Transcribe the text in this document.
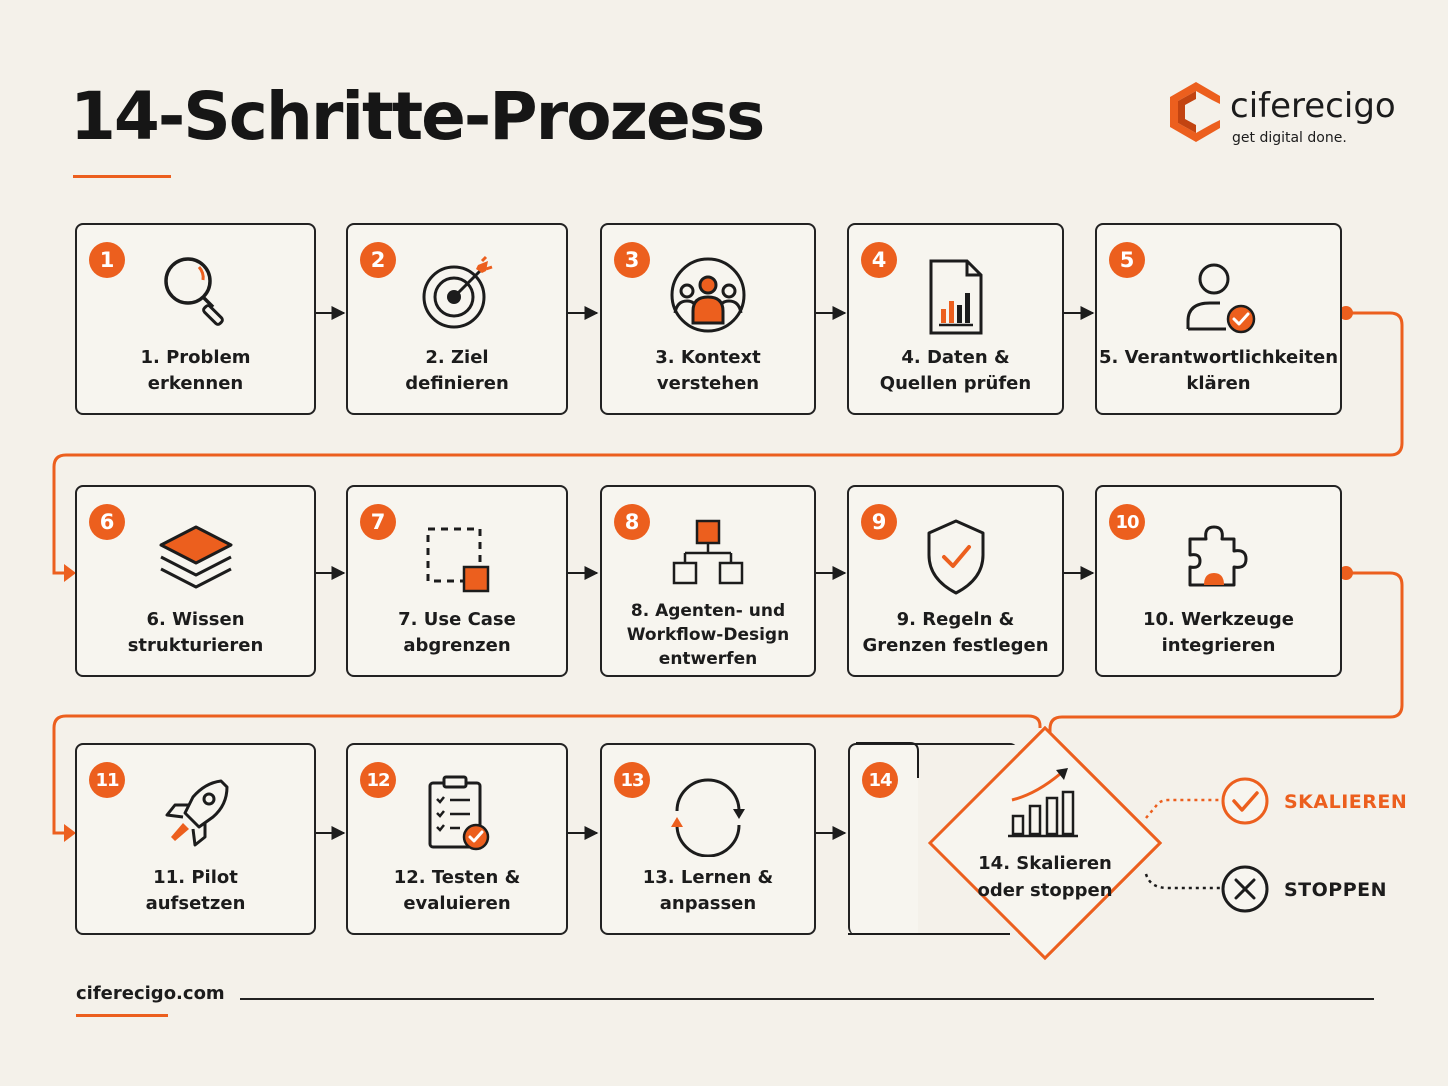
14-Schritte-Prozess	ciferecigo
get digital done.
1
1. Problem
erkennen
2
2. Ziel
definieren
3
3. Kontext
verstehen
4
4. Daten &
Quellen prüfen
5
5. Verantwortlichkeiten
klären
6
6. Wissen
strukturieren
7
7. Use Case
abgrenzen
8
8. Agenten- und
Workflow-Design
entwerfen
9
9. Regeln &
Grenzen festlegen
10
10. Werkzeuge
integrieren
11
11. Pilot
aufsetzen
12
12. Testen &
evaluieren
13
13. Lernen &
anpassen
14
14. Skalieren
oder stoppen
SKALIEREN
STOPPEN
ciferecigo.com
